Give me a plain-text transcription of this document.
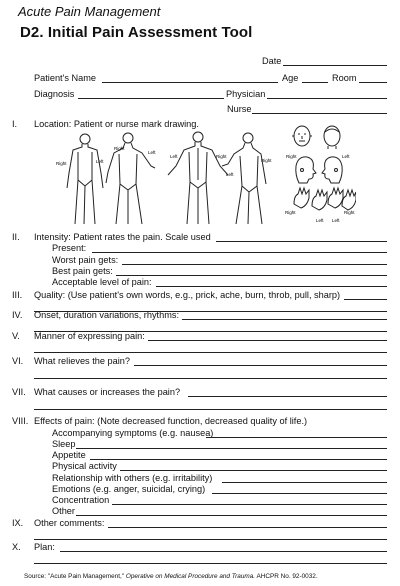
Acute Pain Management
D2. Initial Pain Assessment Tool
Date
Patient's Name	Age	Room
Diagnosis	Physician
Nurse
I. Location: Patient or nurse mark drawing.
Right	Left
Right
Left
Left	Right
Left
Right
Right	Left
Right
Left Left
Right
II. Intensity: Patient rates the pain. Scale used
Present:
Worst pain gets:
Best pain gets:
Acceptable level of pain:
III. Quality: (Use patient's own words, e.g., prick, ache, burn, throb, pull, sharp)
IV. Onset, duration variations, rhythms:
V. Manner of expressing pain:
VI. What relieves the pain?
VII. What causes or increases the pain?
VIII. Effects of pain: (Note decreased function, decreased quality of life.)
Accompanying symptoms (e.g. nausea)
Sleep
Appetite
Physical activity
Relationship with others (e.g. irritability)
Emotions (e.g. anger, suicidal, crying)
Concentration
Other
IX. Other comments:
X. Plan:
Source: "Acute Pain Management," Operative on Medical Procedure and Trauma. AHCPR No. 92-0032.
